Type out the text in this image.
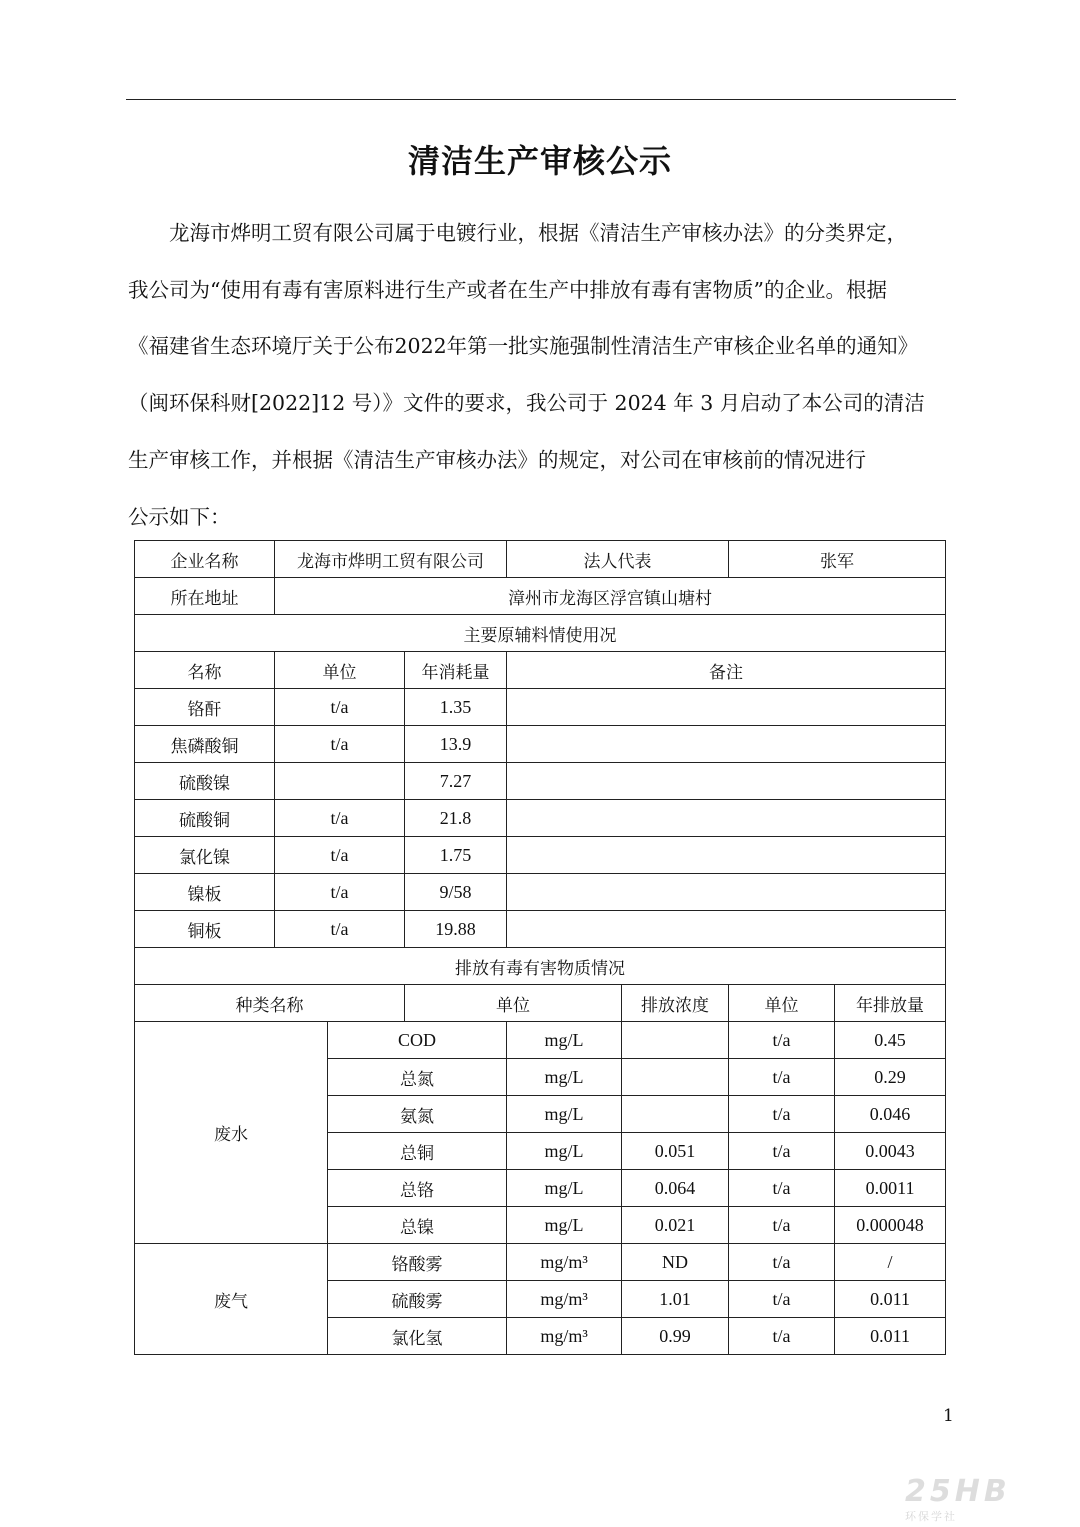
清洁生产审核公示

龙海市烨明工贸有限公司属于电镀行业，根据《清洁生产审核办法》的分类界定，

我公司为“使用有毒有害原料进行生产或者在生产中排放有毒有害物质”的企业。根据

《福建省生态环境厅关于公布2022年第一批实施强制性清洁生产审核企业名单的通知》

（闽环保科财[2022]12 号）》文件的要求，我公司于 2024 年 3 月启动了本公司的清洁

生产审核工作，并根据《清洁生产审核办法》的规定，对公司在审核前的情况进行

公示如下：

企业名称	龙海市烨明工贸有限公司			法人代表		张军	
所在地址	漳州市龙海区浮宫镇山塘村						
主要原辅料情使用况							
名称	单位		年消耗量	备注			
铬酐	t/a		1.35				
焦磷酸铜	t/a		13.9				
硫酸镍			7.27				
硫酸铜	t/a		21.8				
氯化镍	t/a		1.75				
镍板	t/a		9/58				
铜板	t/a		19.88				
排放有毒有害物质情况							
种类名称			单位		排放浓度	单位	年排放量
废水		COD		mg/L		t/a	0.45
		总氮		mg/L		t/a	0.29
		氨氮		mg/L		t/a	0.046
		总铜		mg/L	0.051	t/a	0.0043
		总铬		mg/L	0.064	t/a	0.0011
		总镍		mg/L	0.021	t/a	0.000048
废气		铬酸雾		mg/m³	ND	t/a	/
		硫酸雾		mg/m³	1.01	t/a	0.011
		氯化氢		mg/m³	0.99	t/a	0.011
1
25HB
环保学社
